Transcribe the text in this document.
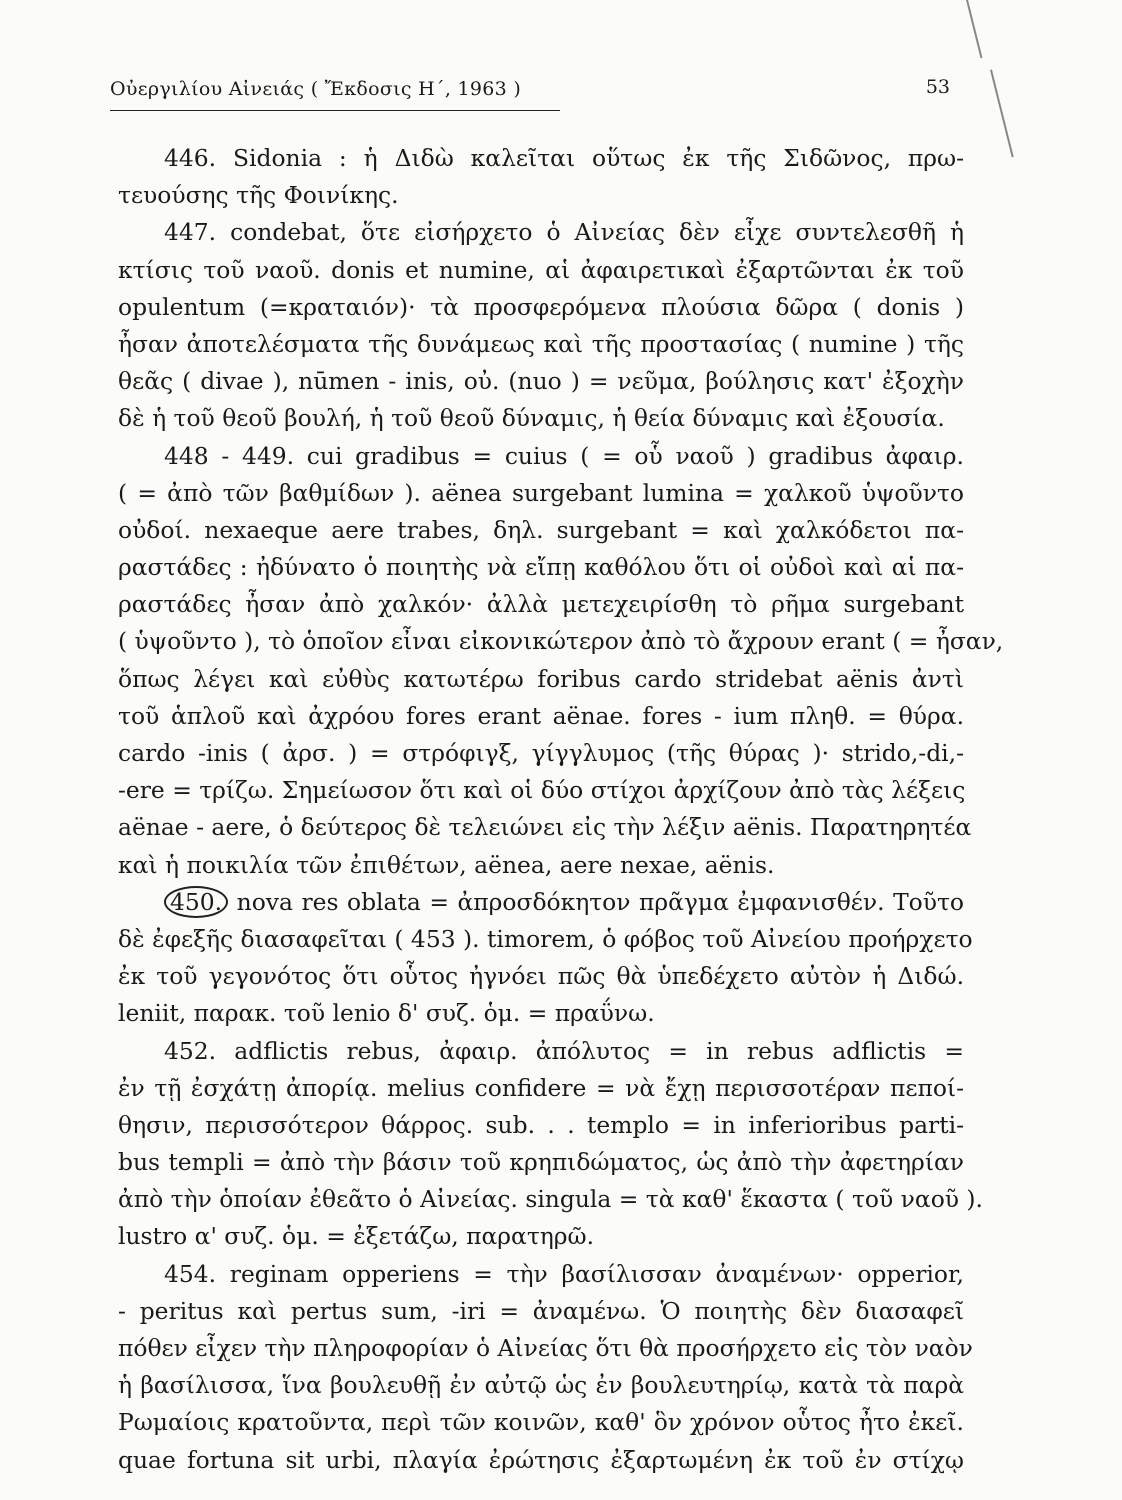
Οὐεργιλίου Αἰνειάς ( Ἔκδοσις Η΄, 1963 )	53
446. Sidonia : ἡ Διδὼ καλεῖται οὕτως ἐκ τῆς Σιδῶνος, πρω-
τευούσης τῆς Φοινίκης.
447. condebat, ὅτε εἰσήρχετο ὁ Αἰνείας δὲν εἶχε συντελεσθῆ ἡ
κτίσις τοῦ ναοῦ. donis et numine, αἱ ἀφαιρετικαὶ ἐξαρτῶνται ἐκ τοῦ
opulentum (=κραταιόν)· τὰ προσφερόμενα πλούσια δῶρα ( donis )
ἦσαν ἀποτελέσματα τῆς δυνάμεως καὶ τῆς προστασίας ( numine ) τῆς
θεᾶς ( divae ), nūmen - inis, οὐ. (nuo ) = νεῦμα, βούλησις κατ' ἐξοχὴν
δὲ ἡ τοῦ θεοῦ βουλή, ἡ τοῦ θεοῦ δύναμις, ἡ θεία δύναμις καὶ ἐξουσία.
448 - 449. cui gradibus = cuius ( = οὗ ναοῦ ) gradibus ἀφαιρ.
( = ἀπὸ τῶν βαθμίδων ). aënea surgebant lumina = χαλκοῦ ὑψοῦντο
οὐδοί. nexaeque aere trabes, δηλ. surgebant = καὶ χαλκόδετοι πα-
ραστάδες : ἠδύνατο ὁ ποιητὴς νὰ εἴπῃ καθόλου ὅτι οἱ οὐδοὶ καὶ αἱ πα-
ραστάδες ἦσαν ἀπὸ χαλκόν· ἀλλὰ μετεχειρίσθη τὸ ρῆμα surgebant
( ὑψοῦντο ), τὸ ὁποῖον εἶναι εἰκονικώτερον ἀπὸ τὸ ἄχρουν erant ( = ἦσαν,
ὅπως λέγει καὶ εὐθὺς κατωτέρω foribus cardo stridebat aënis ἀντὶ
τοῦ ἁπλοῦ καὶ ἀχρόου fores erant aënae. fores - ium πληθ. = θύρα.
cardo -inis ( ἀρσ. ) = στρόφιγξ, γίγγλυμος (τῆς θύρας )· strido,-di,-
-ere = τρίζω. Σημείωσον ὅτι καὶ οἱ δύο στίχοι ἀρχίζουν ἀπὸ τὰς λέξεις
aënae - aere, ὁ δεύτερος δὲ τελειώνει εἰς τὴν λέξιν aënis. Παρατηρητέα
καὶ ἡ ποικιλία τῶν ἐπιθέτων, aënea, aere nexae, aënis.
450. nova res oblata = ἀπροσδόκητον πρᾶγμα ἐμφανισθέν. Τοῦτο
δὲ ἐφεξῆς διασαφεῖται ( 453 ). timorem, ὁ φόβος τοῦ Αἰνείου προήρχετο
ἐκ τοῦ γεγονότος ὅτι οὗτος ἠγνόει πῶς θὰ ὑπεδέχετο αὐτὸν ἡ Διδώ.
leniit, παρακ. τοῦ lenio δ' συζ. ὁμ. = πραΰνω.
452. adflictis rebus, ἀφαιρ. ἀπόλυτος = in rebus adflictis =
ἐν τῇ ἐσχάτῃ ἀπορίᾳ. melius confidere = νὰ ἔχῃ περισσοτέραν πεποί-
θησιν, περισσότερον θάρρος. sub. . . templo = in inferioribus parti-
bus templi = ἀπὸ τὴν βάσιν τοῦ κρηπιδώματος, ὡς ἀπὸ τὴν ἀφετηρίαν
ἀπὸ τὴν ὁποίαν ἐθεᾶτο ὁ Αἰνείας. singula = τὰ καθ' ἕκαστα ( τοῦ ναοῦ ).
lustro α' συζ. ὁμ. = ἐξετάζω, παρατηρῶ.
454. reginam opperiens = τὴν βασίλισσαν ἀναμένων· opperior,
- peritus καὶ pertus sum, -iri = ἀναμένω. Ὁ ποιητὴς δὲν διασαφεῖ
πόθεν εἶχεν τὴν πληροφορίαν ὁ Αἰνείας ὅτι θὰ προσήρχετο εἰς τὸν ναὸν
ἡ βασίλισσα, ἵνα βουλευθῇ ἐν αὐτῷ ὡς ἐν βουλευτηρίῳ, κατὰ τὰ παρὰ
Ρωμαίοις κρατοῦντα, περὶ τῶν κοινῶν, καθ' ὃν χρόνον οὗτος ἦτο ἐκεῖ.
quae fortuna sit urbi, πλαγία ἐρώτησις ἐξαρτωμένη ἐκ τοῦ ἐν στίχῳ
